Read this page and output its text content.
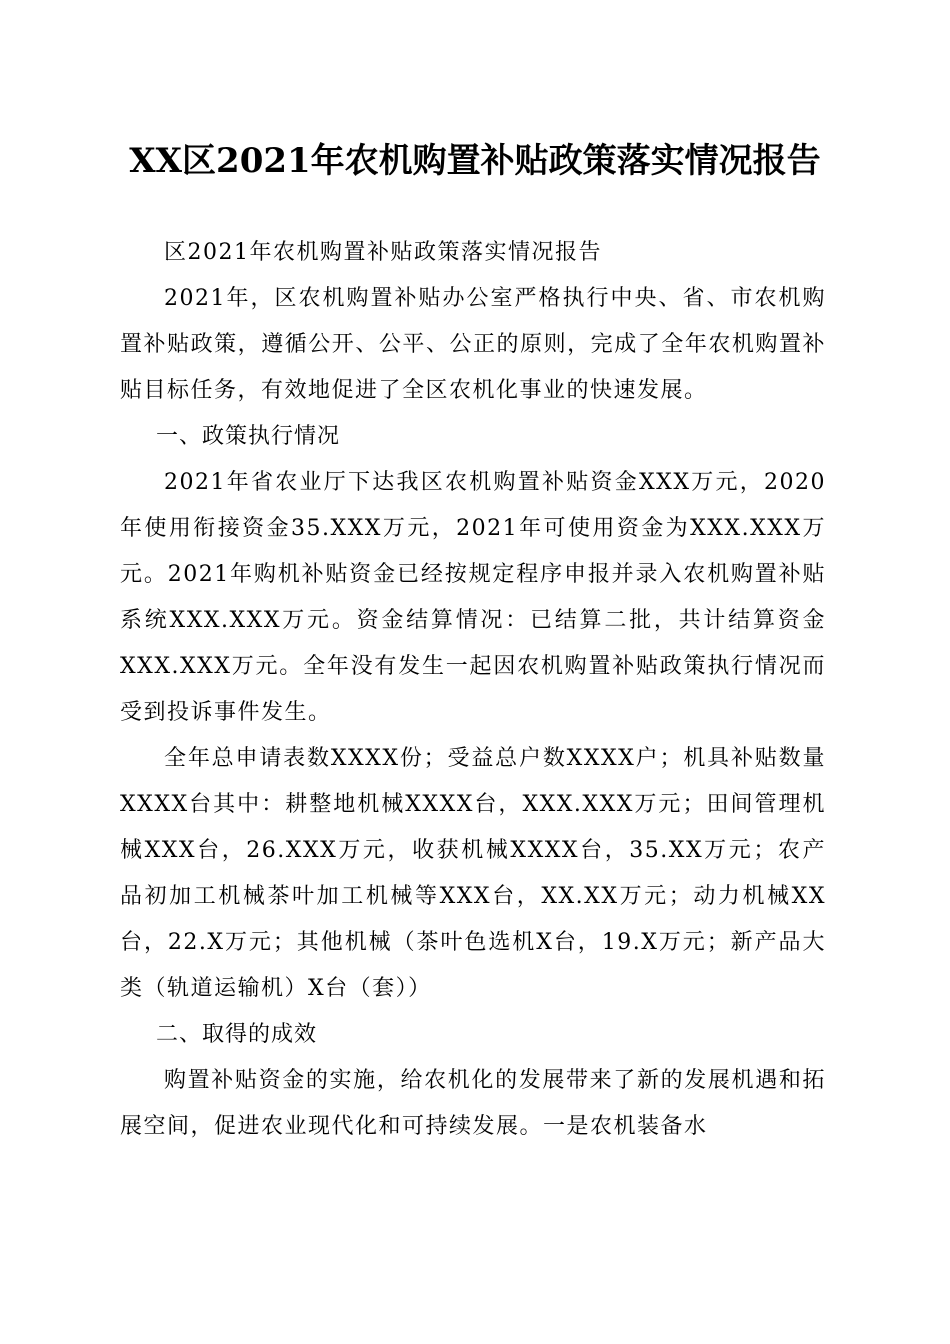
XX区2021年农机购置补贴政策落实情况报告

区2021年农机购置补贴政策落实情况报告

2021年，区农机购置补贴办公室严格执行中央、省、市农机购置补贴政策，遵循公开、公平、公正的原则，完成了全年农机购置补贴目标任务，有效地促进了全区农机化事业的快速发展。

一、政策执行情况

2021年省农业厅下达我区农机购置补贴资金XXX万元，2020年使用衔接资金35.XXX万元，2021年可使用资金为XXX.XXX万元。2021年购机补贴资金已经按规定程序申报并录入农机购置补贴系统XXX.XXX万元。资金结算情况：已结算二批，共计结算资金XXX.XXX万元。全年没有发生一起因农机购置补贴政策执行情况而受到投诉事件发生。

全年总申请表数XXXX份；受益总户数XXXX户；机具补贴数量XXXX台其中：耕整地机械XXXX台，XXX.XXX万元；田间管理机械XXX台，26.XXX万元，收获机械XXXX台，35.XX万元；农产品初加工机械茶叶加工机械等XXX台，XX.XX万元；动力机械XX台，22.X万元；其他机械（茶叶色选机X台，19.X万元；新产品大类（轨道运输机）X台（套））

二、取得的成效

购置补贴资金的实施，给农机化的发展带来了新的发展机遇和拓展空间，促进农业现代化和可持续发展。一是农机装备水
